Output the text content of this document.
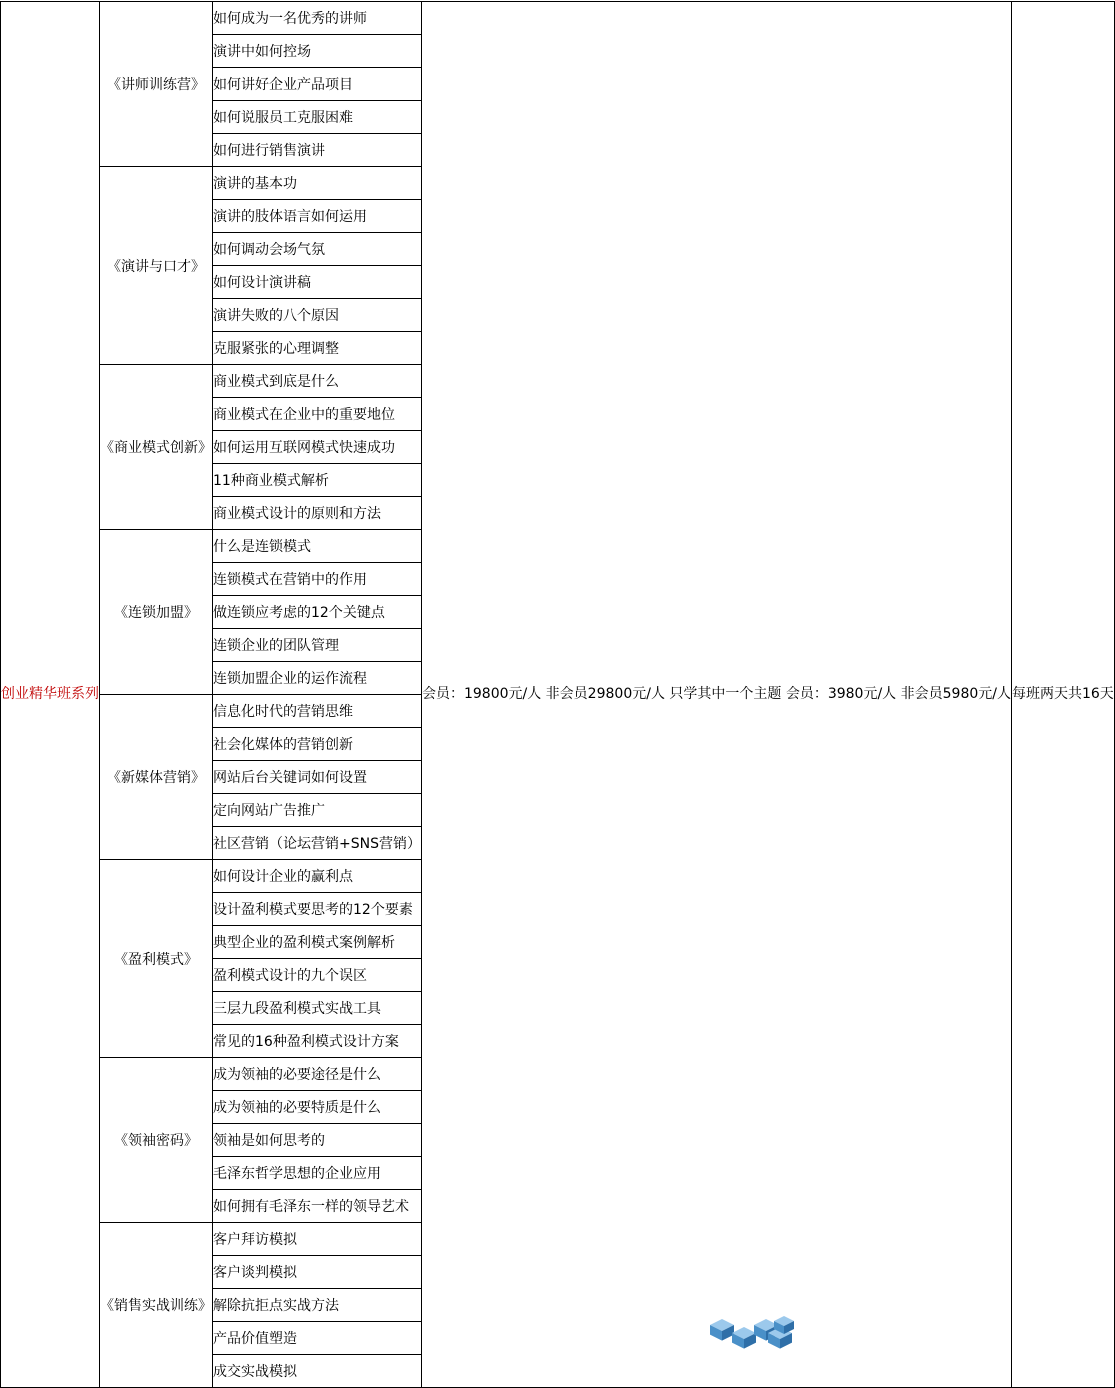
创业精华班系列	《讲师训练营》	如何成为一名优秀的讲师	会员：19800元/人 非会员29800元/人 只学其中一个主题 会员：3980元/人 非会员5980元/人	每班两天共16天
		演讲中如何控场		
		如何讲好企业产品项目		
		如何说服员工克服困难		
		如何进行销售演讲		
	《演讲与口才》	演讲的基本功		
		演讲的肢体语言如何运用		
		如何调动会场气氛		
		如何设计演讲稿		
		演讲失败的八个原因		
		克服紧张的心理调整		
	《商业模式创新》	商业模式到底是什么		
		商业模式在企业中的重要地位		
		如何运用互联网模式快速成功		
		11种商业模式解析		
		商业模式设计的原则和方法		
	《连锁加盟》	什么是连锁模式		
		连锁模式在营销中的作用		
		做连锁应考虑的12个关键点		
		连锁企业的团队管理		
		连锁加盟企业的运作流程		
	《新媒体营销》	信息化时代的营销思维		
		社会化媒体的营销创新		
		网站后台关键词如何设置		
		定向网站广告推广		
		社区营销（论坛营销+SNS营销）		
	《盈利模式》	如何设计企业的赢利点		
		设计盈利模式要思考的12个要素		
		典型企业的盈利模式案例解析		
		盈利模式设计的九个误区		
		三层九段盈利模式实战工具		
		常见的16种盈利模式设计方案		
	《领袖密码》	成为领袖的必要途径是什么		
		成为领袖的必要特质是什么		
		领袖是如何思考的		
		毛泽东哲学思想的企业应用		
		如何拥有毛泽东一样的领导艺术		
	《销售实战训练》	客户拜访模拟		
		客户谈判模拟		
		解除抗拒点实战方法		
		产品价值塑造		
		成交实战模拟		
